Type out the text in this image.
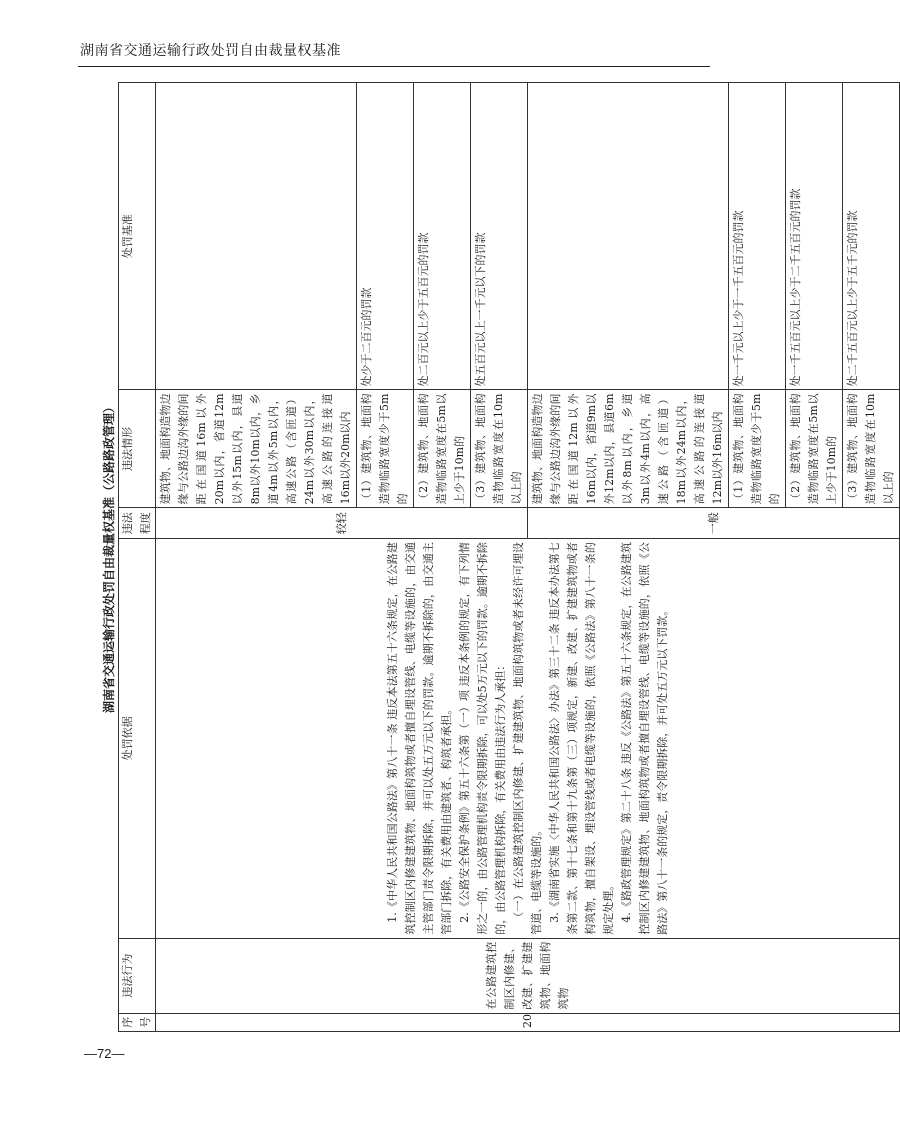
湖南省交通运输行政处罚自由裁量权基准
湖南省交通运输行政处罚自由裁量权基准（公路路政管理）
序号	违法行为	处罚依据	违法程度	违法情形	处罚基准
20	在公路建筑控制区内修建、改建、扩建建筑物、地面构筑物	1.《中华人民共和国公路法》第八十一条 违反本法第五十六条规定，在公路建筑控制区内修建建筑物、地面构筑物或者擅自埋设管线、电缆等设施的，由交通主管部门责令限期拆除，并可以处五万元以下的罚款。逾期不拆除的，由交通主管部门拆除，有关费用由建筑者、构筑者承担。 2.《公路安全保护条例》第五十六条第（一）项 违反本条例的规定，有下列情形之一的，由公路管理机构责令限期拆除，可以处5万元以下的罚款。逾期不拆除的，由公路管理机构拆除，有关费用由违法行为人承担： （一）在公路建筑控制区内修建、扩建建筑物、地面构筑物或者未经许可埋设管道、电缆等设施的。 3.《湖南省实施〈中华人民共和国公路法〉办法》第三十二条 违反本办法第七条第二款、第十七条和第十九条第（三）项规定，新建、改建、扩建建筑物或者构筑物，擅自架设、埋设管线或者电缆等设施的，依照《公路法》第八十一条的规定处理。 4.《路政管理规定》第二十八条 违反《公路法》第五十六条规定，在公路建筑控制区内修建建筑物、地面构筑物或者擅自埋设管线、电缆等设施的，依照《公路法》第八十一条的规定，责令限期拆除，并可处五万元以下罚款。	较轻	建筑物、地面构造物边缘与公路边沟外缘的间距在国道16m以外20m以内，省道12m以外15m以内，县道8m以外10m以内，乡道4m以外5m以内，高速公路（含匝道）24m以外30m以内，高速公路的连接道16m以外20m以内	
				（1）建筑物、地面构造物临路宽度少于5m的	处少于二百元的罚款
				（2）建筑物、地面构造物临路宽度在5m以上少于10m的	处二百元以上少于五百元的罚款
				（3）建筑物、地面构造物临路宽度在10m以上的	处五百元以上一千元以下的罚款
			一般	建筑物、地面构造物边缘与公路边沟外缘的间距在国道12m以外16m以内，省道9m以外12m以内，县道6m以外8m以内，乡道3m以外4m以内，高速公路（含匝道）18m以外24m以内，高速公路的连接道12m以外16m以内	
				（1）建筑物、地面构造物临路宽度少于5m的	处一千元以上少于一千五百元的罚款
				（2）建筑物、地面构造物临路宽度在5m以上少于10m的	处一千五百元以上少于二千五百元的罚款
				（3）建筑物、地面构造物临路宽度在10m以上的	处二千五百元以上少于五千元的罚款
—72—
